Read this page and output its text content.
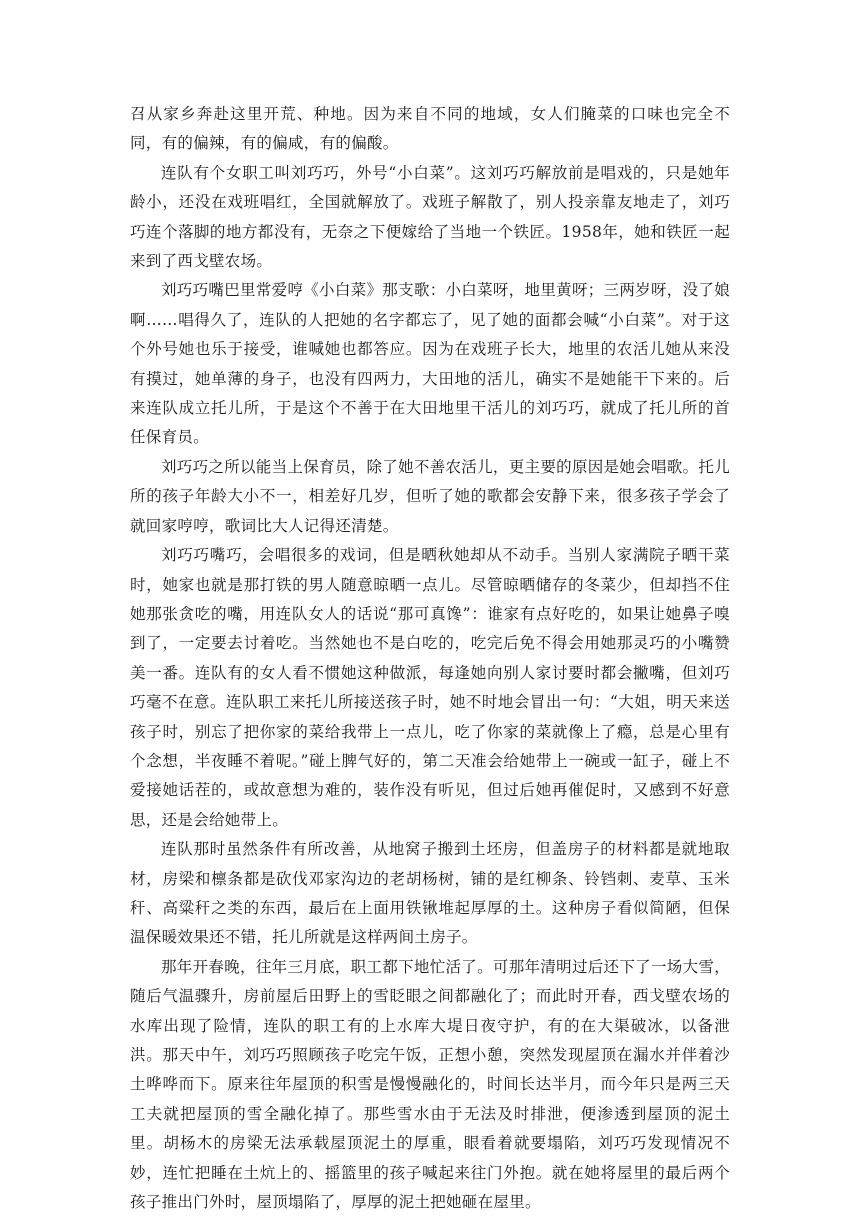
召从家乡奔赴这里开荒、种地。因为来自不同的地域，女人们腌菜的口味也完全不同，有的偏辣，有的偏咸，有的偏酸。

连队有个女职工叫刘巧巧，外号“小白菜”。这刘巧巧解放前是唱戏的，只是她年龄小，还没在戏班唱红，全国就解放了。戏班子解散了，别人投亲靠友地走了，刘巧巧连个落脚的地方都没有，无奈之下便嫁给了当地一个铁匠。1958年，她和铁匠一起来到了西戈壁农场。

刘巧巧嘴巴里常爱哼《小白菜》那支歌：小白菜呀，地里黄呀；三两岁呀，没了娘啊……唱得久了，连队的人把她的名字都忘了，见了她的面都会喊“小白菜”。对于这个外号她也乐于接受，谁喊她也都答应。因为在戏班子长大，地里的农活儿她从来没有摸过，她单薄的身子，也没有四两力，大田地的活儿，确实不是她能干下来的。后来连队成立托儿所，于是这个不善于在大田地里干活儿的刘巧巧，就成了托儿所的首任保育员。

刘巧巧之所以能当上保育员，除了她不善农活儿，更主要的原因是她会唱歌。托儿所的孩子年龄大小不一，相差好几岁，但听了她的歌都会安静下来，很多孩子学会了就回家哼哼，歌词比大人记得还清楚。

刘巧巧嘴巧，会唱很多的戏词，但是晒秋她却从不动手。当别人家满院子晒干菜时，她家也就是那打铁的男人随意晾晒一点儿。尽管晾晒储存的冬菜少，但却挡不住她那张贪吃的嘴，用连队女人的话说“那可真馋”：谁家有点好吃的，如果让她鼻子嗅到了，一定要去讨着吃。当然她也不是白吃的，吃完后免不得会用她那灵巧的小嘴赞美一番。连队有的女人看不惯她这种做派，每逢她向别人家讨要时都会撇嘴，但刘巧巧毫不在意。连队职工来托儿所接送孩子时，她不时地会冒出一句：“大姐，明天来送孩子时，别忘了把你家的菜给我带上一点儿，吃了你家的菜就像上了瘾，总是心里有个念想，半夜睡不着呢。”碰上脾气好的，第二天准会给她带上一碗或一缸子，碰上不爱接她话茬的，或故意想为难的，装作没有听见，但过后她再催促时，又感到不好意思，还是会给她带上。

连队那时虽然条件有所改善，从地窝子搬到土坯房，但盖房子的材料都是就地取材，房梁和檩条都是砍伐邓家沟边的老胡杨树，铺的是红柳条、铃铛刺、麦草、玉米秆、高粱秆之类的东西，最后在上面用铁锹堆起厚厚的土。这种房子看似简陋，但保温保暖效果还不错，托儿所就是这样两间土房子。

那年开春晚，往年三月底，职工都下地忙活了。可那年清明过后还下了一场大雪，随后气温骤升，房前屋后田野上的雪眨眼之间都融化了；而此时开春，西戈壁农场的水库出现了险情，连队的职工有的上水库大堤日夜守护，有的在大渠破冰，以备泄洪。那天中午，刘巧巧照顾孩子吃完午饭，正想小憩，突然发现屋顶在漏水并伴着沙土哗哗而下。原来往年屋顶的积雪是慢慢融化的，时间长达半月，而今年只是两三天工夫就把屋顶的雪全融化掉了。那些雪水由于无法及时排泄，便渗透到屋顶的泥土里。胡杨木的房梁无法承载屋顶泥土的厚重，眼看着就要塌陷，刘巧巧发现情况不妙，连忙把睡在土炕上的、摇篮里的孩子喊起来往门外抱。就在她将屋里的最后两个孩子推出门外时，屋顶塌陷了，厚厚的泥土把她砸在屋里。
